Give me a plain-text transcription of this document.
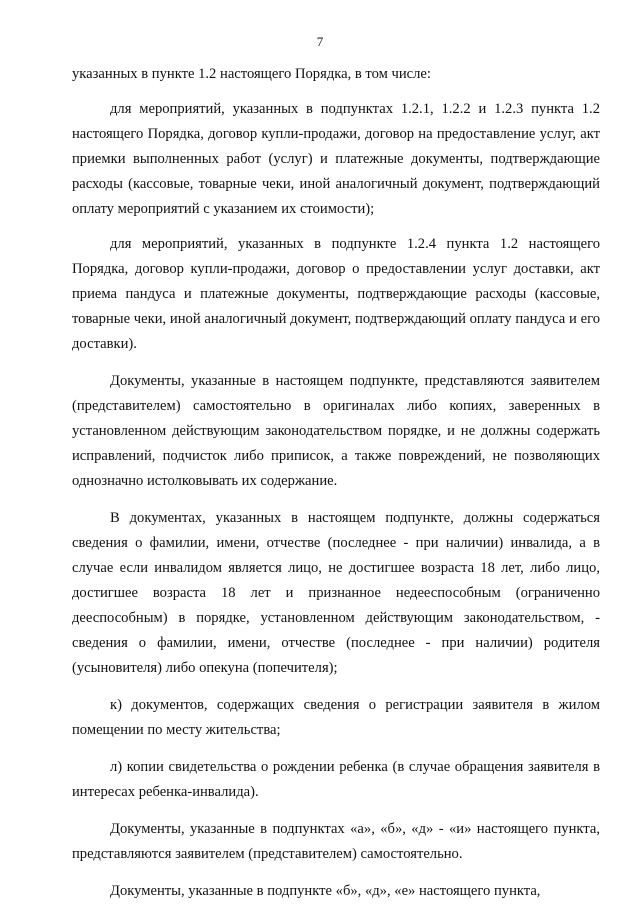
7

указанных в пункте 1.2 настоящего Порядка, в том числе:

для мероприятий, указанных в подпунктах 1.2.1, 1.2.2 и 1.2.3 пункта 1.2 настоящего Порядка, договор купли-продажи, договор на предоставление услуг, акт приемки выполненных работ (услуг) и платежные документы, подтверждающие расходы (кассовые, товарные чеки, иной аналогичный документ, подтверждающий оплату мероприятий с указанием их стоимости);

для мероприятий, указанных в подпункте 1.2.4 пункта 1.2 настоящего Порядка, договор купли-продажи, договор о предоставлении услуг доставки, акт приема пандуса и платежные документы, подтверждающие расходы (кассовые, товарные чеки, иной аналогичный документ, подтверждающий оплату пандуса и его доставки).

Документы, указанные в настоящем подпункте, представляются заявителем (представителем) самостоятельно в оригиналах либо копиях, заверенных в установленном действующим законодательством порядке, и не должны содержать исправлений, подчисток либо приписок, а также повреждений, не позволяющих однозначно истолковывать их содержание.

В документах, указанных в настоящем подпункте, должны содержаться сведения о фамилии, имени, отчестве (последнее - при наличии) инвалида, а в случае если инвалидом является лицо, не достигшее возраста 18 лет, либо лицо, достигшее возраста 18 лет и признанное недееспособным (ограниченно дееспособным) в порядке, установленном действующим законодательством, - сведения о фамилии, имени, отчестве (последнее - при наличии) родителя (усыновителя) либо опекуна (попечителя);

к) документов, содержащих сведения о регистрации заявителя в жилом помещении по месту жительства;

л) копии свидетельства о рождении ребенка (в случае обращения заявителя в интересах ребенка-инвалида).

Документы, указанные в подпунктах «а», «б», «д» - «и» настоящего пункта, представляются заявителем (представителем) самостоятельно.

Документы, указанные в подпункте «б», «д», «е» настоящего пункта,
